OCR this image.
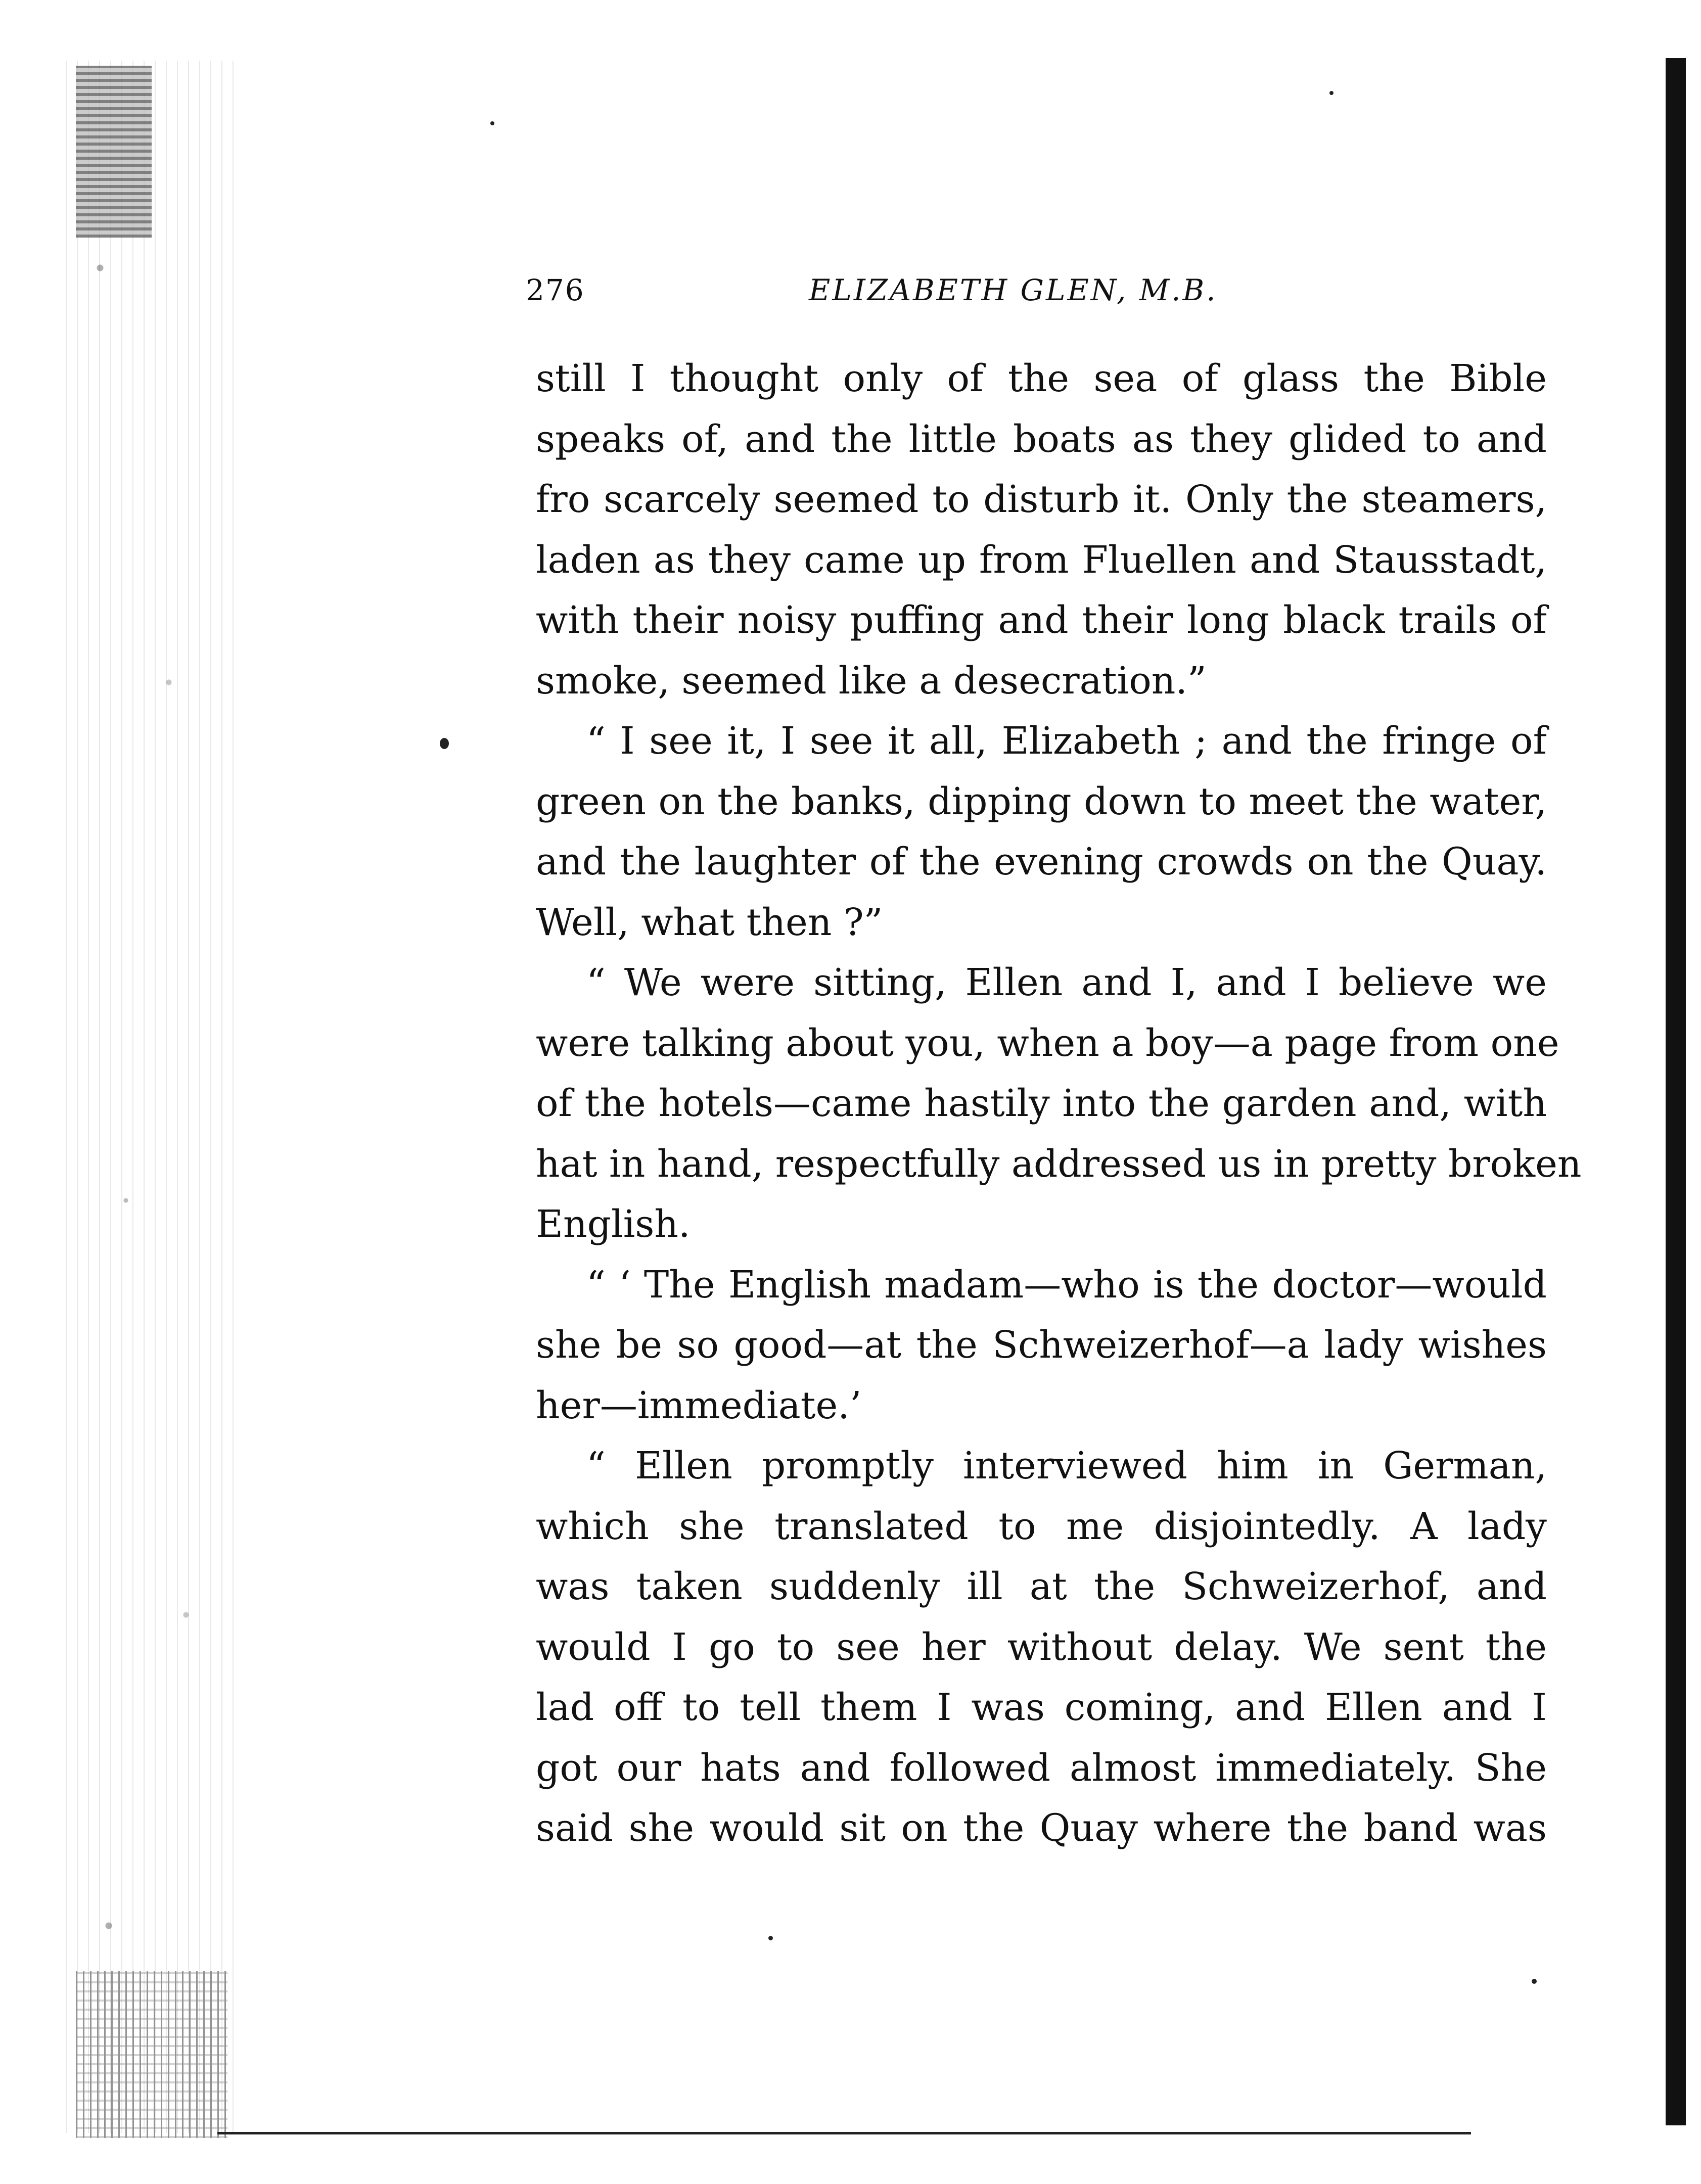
276	ELIZABETH GLEN, M.B.
still I thought only of the sea of glass the Bible
speaks of, and the little boats as they glided to and
fro scarcely seemed to disturb it. Only the steamers,
laden as they came up from Fluellen and Stausstadt,
with their noisy puffing and their long black trails of
smoke, seemed like a desecration.”
“ I see it, I see it all, Elizabeth ; and the fringe of
green on the banks, dipping down to meet the water,
and the laughter of the evening crowds on the Quay.
Well, what then ?”
“ We were sitting, Ellen and I, and I believe we
were talking about you, when a boy—a page from one
of the hotels—came hastily into the garden and, with
hat in hand, respectfully addressed us in pretty broken
English.
“ ‘ The English madam—who is the doctor—would
she be so good—at the Schweizerhof—a lady wishes
her—immediate.’
“ Ellen promptly interviewed him in German,
which she translated to me disjointedly. A lady
was taken suddenly ill at the Schweizerhof, and
would I go to see her without delay. We sent the
lad off to tell them I was coming, and Ellen and I
got our hats and followed almost immediately. She
said she would sit on the Quay where the band was
